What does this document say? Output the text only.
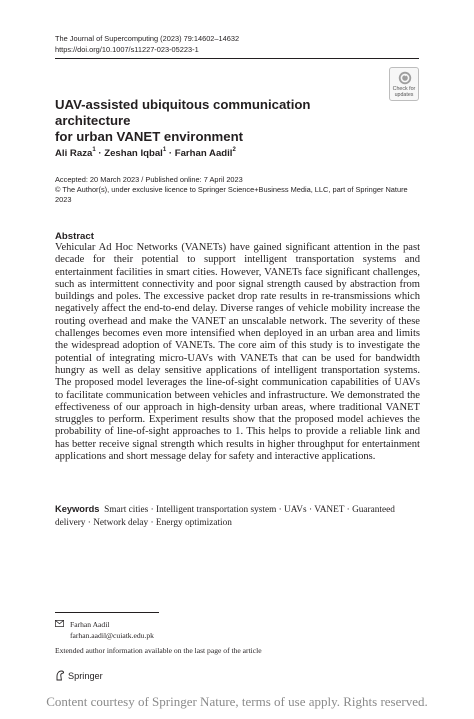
The Journal of Supercomputing (2023) 79:14602–14632
https://doi.org/10.1007/s11227-023-05223-1
Check for
updates
UAV-assisted ubiquitous communication architecture
for urban VANET environment
Ali Raza$^1$ · Zeshan Iqbal$^1$ · Farhan Aadil$^2$
Accepted: 20 March 2023 / Published online: 7 April 2023
© The Author(s), under exclusive licence to Springer Science+Business Media, LLC, part of Springer Nature 2023
Abstract
Vehicular Ad Hoc Networks (VANETs) have gained significant attention in the past decade for their potential to support intelligent transportation systems and entertainment facilities in smart cities. However, VANETs face significant challenges, such as intermittent connectivity and poor signal strength caused by abstraction from buildings and poles. The excessive packet drop rate results in re-transmissions which negatively affect the end-to-end delay. Diverse ranges of vehicle mobility increase the routing overhead and make the VANET an unscalable network. The severity of these challenges becomes even more intensified when deployed in an urban area and limits the widespread adoption of VANETs. The core aim of this study is to investigate the potential of integrating micro-UAVs with VANETs that can be used for bandwidth hungry as well as delay sensitive applications of intelligent transportation systems. The proposed model leverages the line-of-sight communication capabilities of UAVs to facilitate communication between vehicles and infrastructure. We demonstrated the effectiveness of our approach in high-density urban areas, where traditional VANET struggles to perform. Experiment results show that the proposed model achieves the probability of line-of-sight approaches to 1. This helps to provide a reliable link and has better receive signal strength which results in higher throughput for entertainment applications and short message delay for safety and interactive applications.
Keywords Smart cities · Intelligent transportation system · UAVs · VANET · Guaranteed delivery · Network delay · Energy optimization
Farhan Aadil
farhan.aadil@cuiatk.edu.pk
Extended author information available on the last page of the article
Springer
Content courtesy of Springer Nature, terms of use apply. Rights reserved.
